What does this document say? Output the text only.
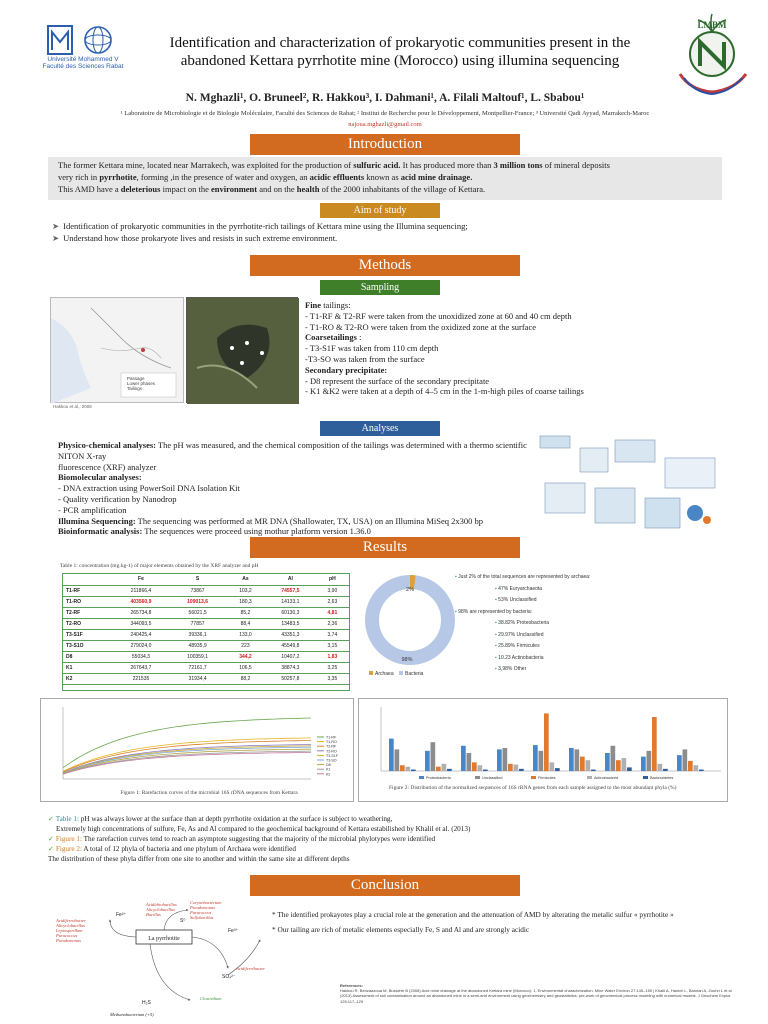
Université Mohammed V Faculté des Sciences Rabat
Identification and characterization of prokaryotic communities present in the
abandoned Kettara pyrrhotite mine (Morocco) using illumina sequencing
LMBM
N. Mghazli¹, O. Bruneel², R. Hakkou³, I. Dahmani¹, A. Filali Maltouf¹, L. Sbabou¹
¹ Laboratoire de Microbiologie et de Biologie Moléculaire, Faculté des Sciences de Rabat; ² Institut de Recherche pour le Développement, Montpellier-France; ³ Université Qadi Ayyad, Marrakech-Maroc
najoua.mghazli@gmail.com
Introduction
The former Kettara mine, located near Marrakech, was exploited for the production of sulfuric acid. It has produced more than 3 million tons of mineral deposits
very rich in pyrrhotite, forming ,in the presence of water and oxygen, an acidic effluents known as acid mine drainage.
This AMD have a deleterious impact on the environment and on the health of the 2000 inhabitants of the village of Kettara.
Aim of study
➤ Identification of prokaryotic communities in the pyrrhotite-rich tailings of Kettara mine using the Illumina sequencing;
➤ Understand how those prokaryote lives and resists in such extreme environment.
Methods
Sampling
Passage
Lower phases
Tailings
Hakkou et al., 2008
Fine tailings:
- T1-RF & T2-RF were taken from the unoxidized zone at 60 and 40 cm depth
- T1-RO & T2-RO were taken from the oxidized zone at the surface
Coarsetailings :
- T3-S1F was taken from 110 cm depth
-T3-SO was taken from the surface
Secondary precipitate:
- D8 represent the surface of the secondary precipitate
- K1 &K2 were taken at a depth of 4–5 cm in the 1-m-high piles of coarse tailings
Analyses
Physico-chemical analyses: The pH was measured, and the chemical composition of the tailings was determined with a thermo scientific NITON X-ray
fluorescence (XRF) analyzer
Biomolecular analyses:
- DNA extraction using PowerSoil DNA Isolation Kit
- Quality verification by Nanodrop
- PCR amplification
Illumina Sequencing: The sequencing was performed at MR DNA (Shallowater, TX, USA) on an Illumina MiSeq 2x300 bp
Bioinformatic analysis: The sequences were proceed using mothur platform version 1.36.0
Results
Table 1: concentration (mg.kg-1) of major elements obtained by the XRF analyzer and pH
	Fe	S	As	Al	pH
T1-RF	211866,4	73867	103,2	74557,5	3,90
T1-RO	403560,9	109013,6	180,3	14133,1	2,63
T2-RF	265734,8	56021,5	85,2	60130,3	4,81
T2-RO	344093,5	77857	88,4	13483,5	2,36
T3-S1F	240425,4	39336,1	133,0	43351,3	3,74
T3-S1O	279024,0	48935,9	223	45549,8	3,15
D8	55034,3	100359,1	344,2	10407,2	1,83
K1	267643,7	72161,7	106,5	38874,3	3,25
K2	221535	31934,4	88,2	50257,8	3,35
2%
98%
Archaea Bacteria
▪ Just 2% of the total sequences are represented by archaea:
▪ 47% Euryarchaeota
▪ 53% Unclassified
▪ 98% are represented by bacteria:
▪ 38.82% Proteobacteria
▪ 29.97% Unclassified
▪ 25.89% Firmicutes
▪ 10.23 Actinobacteria
▪ 3,98% Other
T1-RF
T1-RO
T2-RF
T2-RO
T3-S1F
T3-SO
D8
K1
K2
Figure 1: Rarefaction curves of the microbial 16S rDNA sequences from Kettara
Proteobacteria	Unclassified	Firmicutes	Actinobacteria	Bacteroidetes
Figure 2: Distribution of the normalized sequences of 16S rRNA genes from each sample assigned to the most abundant phyla (%)
✓ Table 1: pH was always lower at the surface than at depth pyrrhotite oxidation at the surface is subject to weathering,
Extremely high concentrations of sulfure, Fe, As and Al compared to the geochemical background of Kettara estabilished by Khalil et al. (2013)
✓ Figure 1: The rarefaction curves tend to reach an asymptote suggesting that the majority of the microbial phylotypes were identified
✓ Figure 2: A total of 12 phyla of bacteria and one phylum of Archaea were identified
The distribution of these phyla differ from one site to another and within the same site at different depths
Conclusion
La pyrrhotite
Acidithiobacillus
Alicyclobacillus
Bacillus
Corynebacterium
Pseudomonas
Paracoccus
Sulfobacillus
Acidiferrobacter
Alicyclobacillus
Leptospirillum
Paracoccus
Pseudomonas
Acidiferribacter
Fe²⁺
Fe³⁺
S⁰
SO₄²⁻
H₂S
Clostridium
Methanobacterium (+5)
* The identified prokayotes play a crucial role at the generation and the attenuation of AMD by alterating the metalic sulfur « pyrrhotite »
* Our tailing are rich of metalic elements especially Fe, S and Al and are strongly acidic
References:
Hakkou R, Benzaazoua M, Bussière B (2008) Acid mine drainage at the abandoned Kettara mine (Morocco): 1. Environmental characterization. Mine Water Environ 27:145–159 | Khalil A, Hanich L, Bannari A, Zouhri L et al (2013) Assessment of soil contamination around an abandoned mine in a semi-arid environment using geochemistry and geostatistics: pre-work of geochemical process modeling with numerical models. J Geochem Explor 125:117–129
